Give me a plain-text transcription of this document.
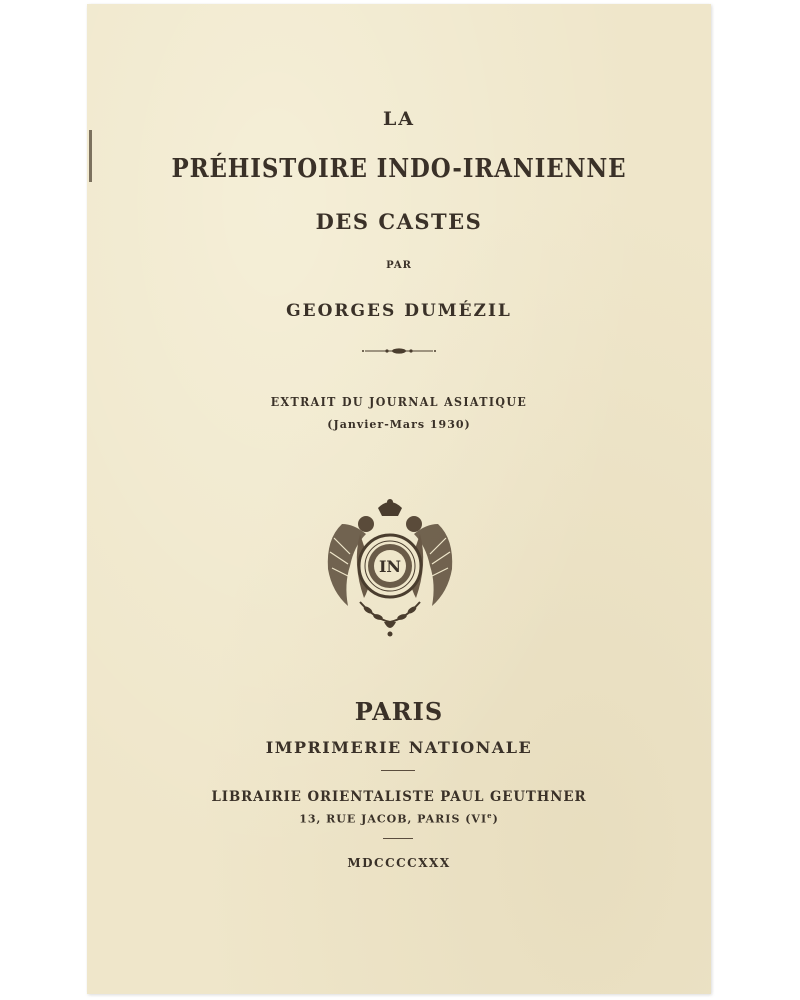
LA
PRÉHISTOIRE INDO-IRANIENNE
DES CASTES
PAR
GEORGES DUMÉZIL
EXTRAIT DU JOURNAL ASIATIQUE
(Janvier-Mars 1930)
IN
PARIS
IMPRIMERIE NATIONALE
LIBRAIRIE ORIENTALISTE PAUL GEUTHNER
13, RUE JACOB, PARIS (VIe)
MDCCCCXXX
